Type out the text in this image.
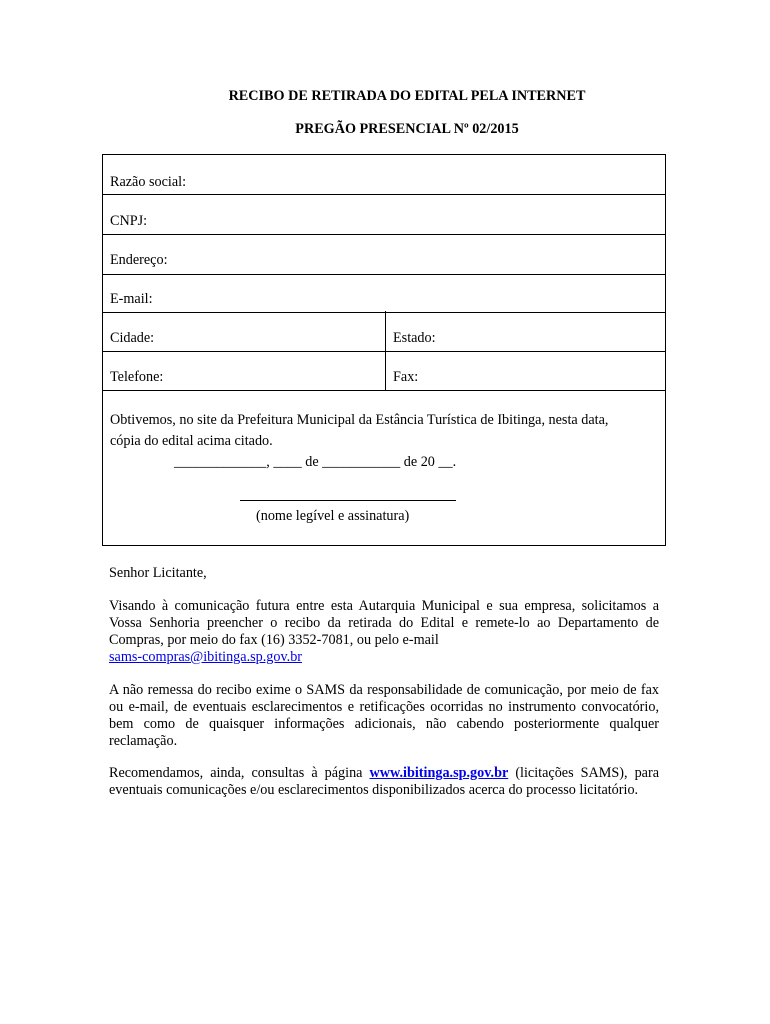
RECIBO DE RETIRADA DO EDITAL PELA INTERNET
PREGÃO PRESENCIAL Nº 02/2015
Razão social:
CNPJ:
Endereço:
E-mail:
Cidade:	Estado:
Telefone:	Fax:
Obtivemos, no site da Prefeitura Municipal da Estância Turística de Ibitinga, nesta data,
cópia do edital acima citado.
_____________, ____ de ___________ de 20 __.
(nome legível e assinatura)
Senhor Licitante,
Visando à comunicação futura entre esta Autarquia Municipal e sua empresa, solicitamos a Vossa Senhoria preencher o recibo da retirada do Edital e remete-lo ao Departamento de Compras, por meio do fax (16) 3352-7081, ou pelo e-mail
sams-compras@ibitinga.sp.gov.br
A não remessa do recibo exime o SAMS da responsabilidade de comunicação, por meio de fax ou e-mail, de eventuais esclarecimentos e retificações ocorridas no instrumento convocatório, bem como de quaisquer informações adicionais, não cabendo posteriormente qualquer reclamação.
Recomendamos, ainda, consultas à página www.ibitinga.sp.gov.br (licitações SAMS), para eventuais comunicações e/ou esclarecimentos disponibilizados acerca do processo licitatório.
